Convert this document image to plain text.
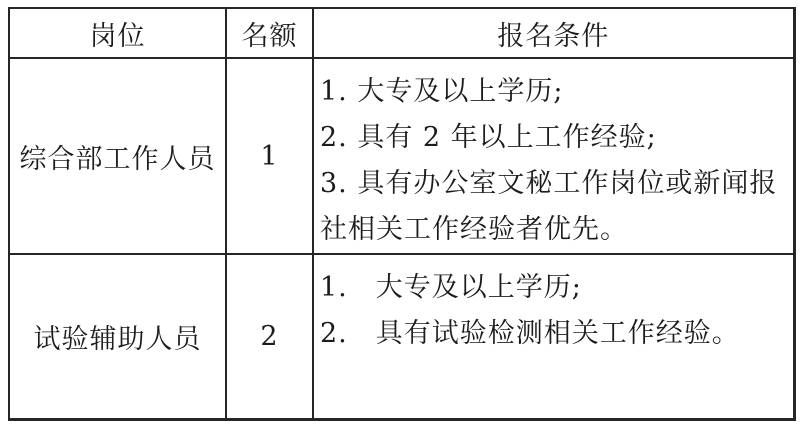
岗位	名额	报名条件
综合部工作人员	1	1. 大专及以上学历;
2. 具有 2 年以上工作经验;
3. 具有办公室文秘工作岗位或新闻报
社相关工作经验者优先。

试验辅助人员	2	1.　大专及以上学历;
2.　具有试验检测相关工作经验。
